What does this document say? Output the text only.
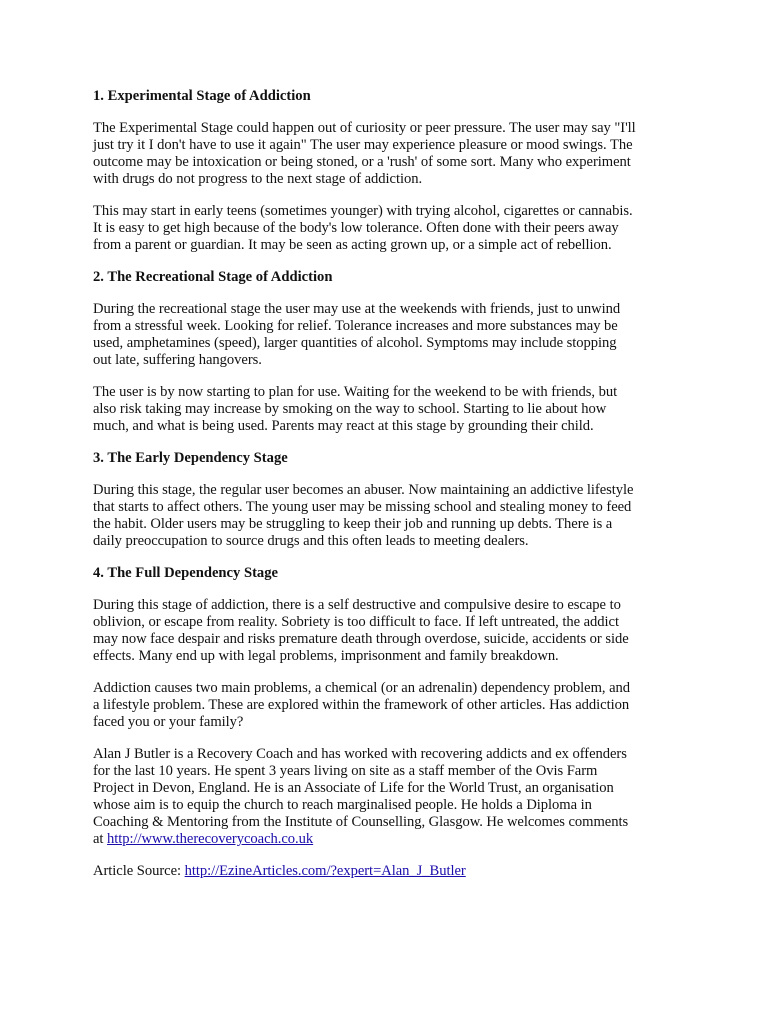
1. Experimental Stage of Addiction
The Experimental Stage could happen out of curiosity or peer pressure. The user may say "I'll
just try it I don't have to use it again" The user may experience pleasure or mood swings. The
outcome may be intoxication or being stoned, or a 'rush' of some sort. Many who experiment
with drugs do not progress to the next stage of addiction.
This may start in early teens (sometimes younger) with trying alcohol, cigarettes or cannabis.
It is easy to get high because of the body's low tolerance. Often done with their peers away
from a parent or guardian. It may be seen as acting grown up, or a simple act of rebellion.
2. The Recreational Stage of Addiction
During the recreational stage the user may use at the weekends with friends, just to unwind
from a stressful week. Looking for relief. Tolerance increases and more substances may be
used, amphetamines (speed), larger quantities of alcohol. Symptoms may include stopping
out late, suffering hangovers.
The user is by now starting to plan for use. Waiting for the weekend to be with friends, but
also risk taking may increase by smoking on the way to school. Starting to lie about how
much, and what is being used. Parents may react at this stage by grounding their child.
3. The Early Dependency Stage
During this stage, the regular user becomes an abuser. Now maintaining an addictive lifestyle
that starts to affect others. The young user may be missing school and stealing money to feed
the habit. Older users may be struggling to keep their job and running up debts. There is a
daily preoccupation to source drugs and this often leads to meeting dealers.
4. The Full Dependency Stage
During this stage of addiction, there is a self destructive and compulsive desire to escape to
oblivion, or escape from reality. Sobriety is too difficult to face. If left untreated, the addict
may now face despair and risks premature death through overdose, suicide, accidents or side
effects. Many end up with legal problems, imprisonment and family breakdown.
Addiction causes two main problems, a chemical (or an adrenalin) dependency problem, and
a lifestyle problem. These are explored within the framework of other articles. Has addiction
faced you or your family?
Alan J Butler is a Recovery Coach and has worked with recovering addicts and ex offenders
for the last 10 years. He spent 3 years living on site as a staff member of the Ovis Farm
Project in Devon, England. He is an Associate of Life for the World Trust, an organisation
whose aim is to equip the church to reach marginalised people. He holds a Diploma in
Coaching & Mentoring from the Institute of Counselling, Glasgow. He welcomes comments
at http://www.therecoverycoach.co.uk
Article Source: http://EzineArticles.com/?expert=Alan_J_Butler
